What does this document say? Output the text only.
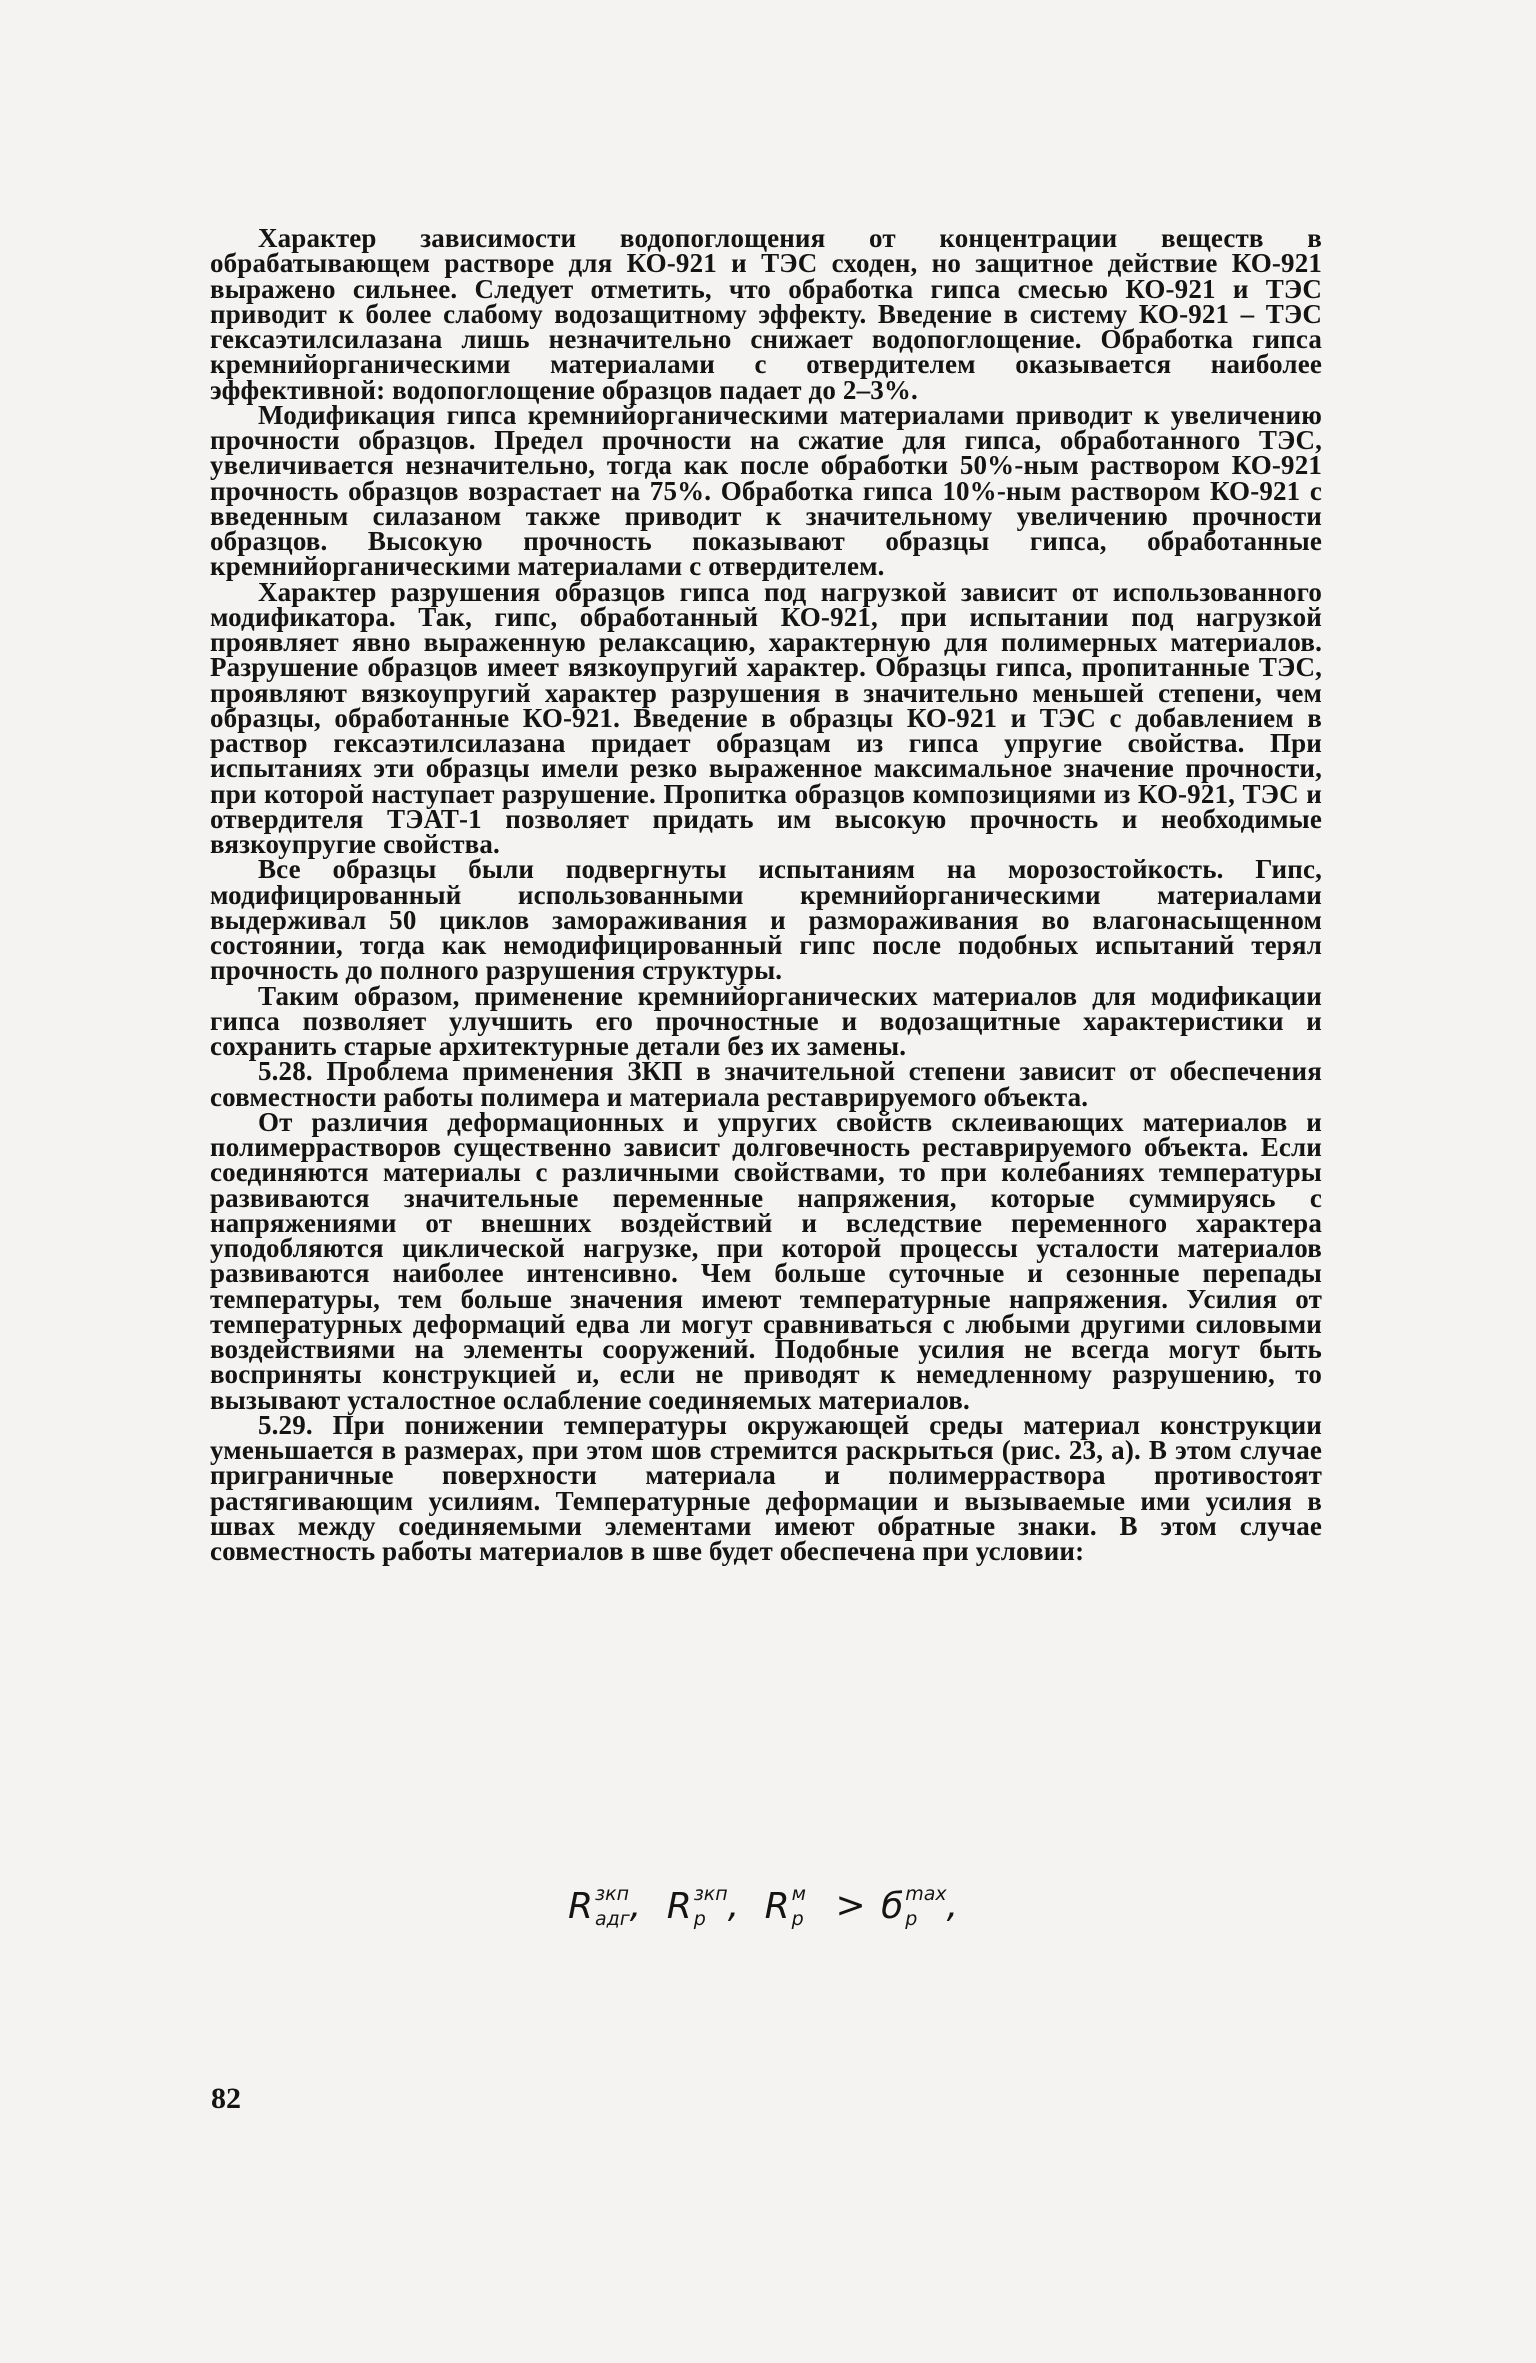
Характер зависимости водопоглощения от концентрации веществ в обрабатывающем растворе для КО-921 и ТЭС сходен, но защитное действие КО-921 выражено сильнее. Следует отметить, что обработка гипса смесью КО-921 и ТЭС приводит к более слабому водозащитному эффекту. Введение в систему КО-921 – ТЭС гексаэтилсилазана лишь незначительно снижает водопоглощение. Обработка гипса кремнийорганическими материалами с отвердителем оказывается наиболее эффективной: водопоглощение образцов падает до 2–3%.

Модификация гипса кремнийорганическими материалами приводит к увеличению прочности образцов. Предел прочности на сжатие для гипса, обработанного ТЭС, увеличивается незначительно, тогда как после обработки 50%-ным раствором КО-921 прочность образцов возрастает на 75%. Обработка гипса 10%-ным раствором КО-921 с введенным силазаном также приводит к значительному увеличению прочности образцов. Высокую прочность показывают образцы гипса, обработанные кремнийорганическими материалами с отвердителем.

Характер разрушения образцов гипса под нагрузкой зависит от использованного модификатора. Так, гипс, обработанный КО-921, при испытании под нагрузкой проявляет явно выраженную релаксацию, характерную для полимерных материалов. Разрушение образцов имеет вязкоупругий характер. Образцы гипса, пропитанные ТЭС, проявляют вязкоупругий характер разрушения в значительно меньшей степени, чем образцы, обработанные КО-921. Введение в образцы КО-921 и ТЭС с добавлением в раствор гексаэтилсилазана придает образцам из гипса упругие свойства. При испытаниях эти образцы имели резко выраженное максимальное значение прочности, при которой наступает разрушение. Пропитка образцов композициями из КО-921, ТЭС и отвердителя ТЭАТ-1 позволяет придать им высокую прочность и необходимые вязкоупругие свойства.

Все образцы были подвергнуты испытаниям на морозостойкость. Гипс, модифицированный использованными кремнийорганическими материалами выдерживал 50 циклов замораживания и размораживания во влагонасыщенном состоянии, тогда как немодифицированный гипс после подобных испытаний терял прочность до полного разрушения структуры.

Таким образом, применение кремнийорганических материалов для модификации гипса позволяет улучшить его прочностные и водозащитные характеристики и сохранить старые архитектурные детали без их замены.

5.28. Проблема применения ЗКП в значительной степени зависит от обеспечения совместности работы полимера и материала реставрируемого объекта.

От различия деформационных и упругих свойств склеивающих материалов и полимеррастворов существенно зависит долговечность реставрируемого объекта. Если соединяются материалы с различными свойствами, то при колебаниях температуры развиваются значительные переменные напряжения, которые суммируясь с напряжениями от внешних воздействий и вследствие переменного характера уподобляются циклической нагрузке, при которой процессы усталости материалов развиваются наиболее интенсивно. Чем больше суточные и сезонные перепады температуры, тем больше значения имеют температурные напряжения. Усилия от температурных деформаций едва ли могут сравниваться с любыми другими силовыми воздействиями на элементы сооружений. Подобные усилия не всегда могут быть восприняты конструкцией и, если не приводят к немедленному разрушению, то вызывают усталостное ослабление соединяемых материалов.

5.29. При понижении температуры окружающей среды материал конструкции уменьшается в размерах, при этом шов стремится раскрыться (рис. 23, а). В этом случае приграничные поверхности материала и полимерраствора противостоят растягивающим усилиям. Температурные деформации и вызываемые ими усилия в швах между соединяемыми элементами имеют обратные знаки. В этом случае совместность работы материалов в шве будет обеспечена при условии:

R зкп
адг , R зкп
р , R м
р > б max
р ,
82
